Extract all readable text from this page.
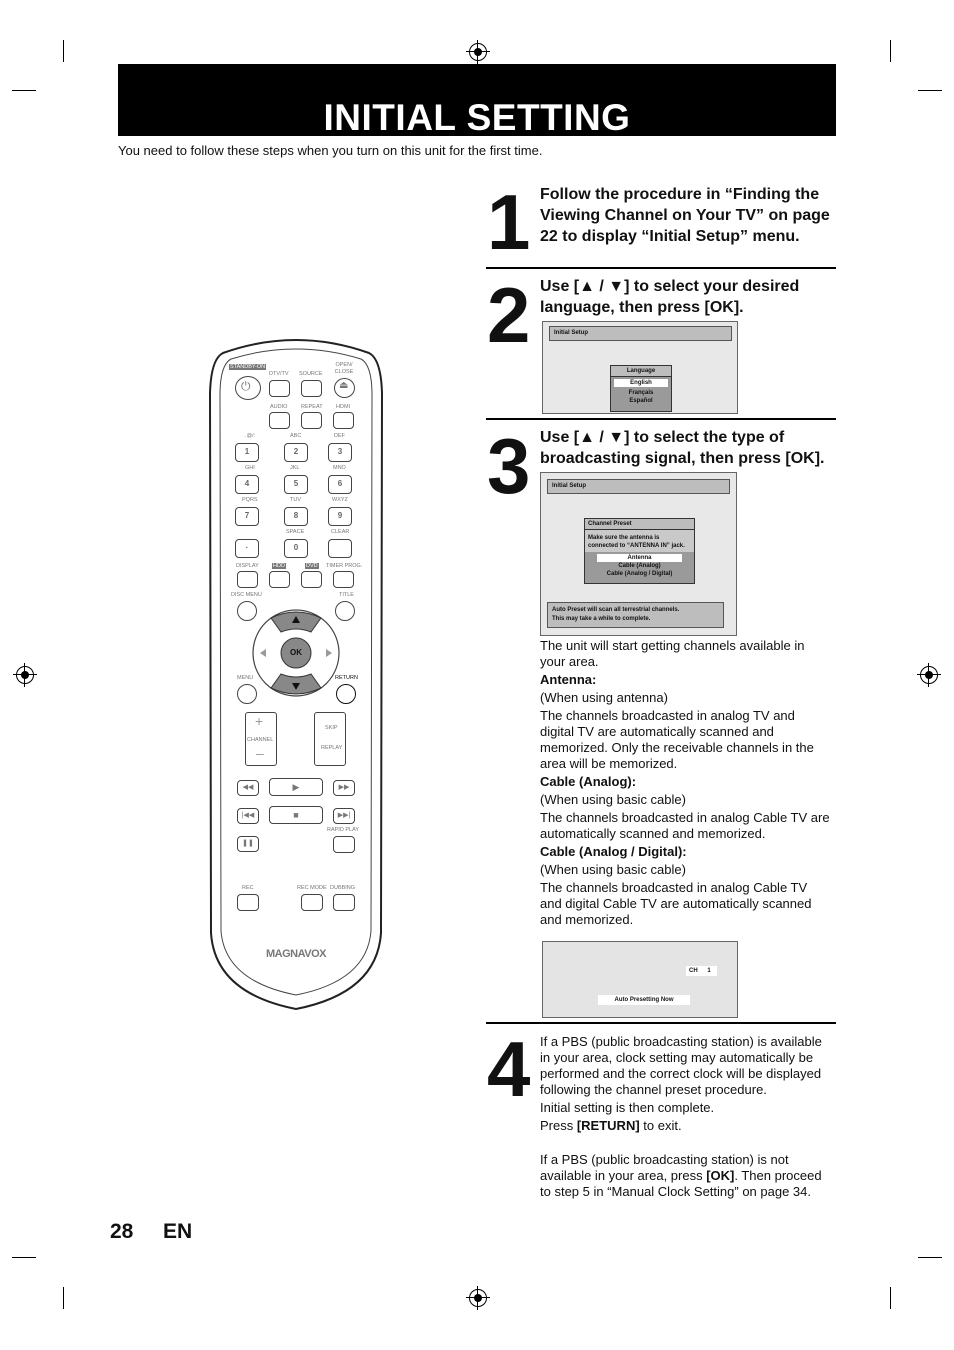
INITIAL SETTING
You need to follow these steps when you turn on this unit for the first time.
1 Follow the procedure in “Finding the Viewing Channel on Your TV” on page 22 to display “Initial Setup” menu.
2 Use [▲ / ▼] to select your desired language, then press [OK].
Initial Setup
Language
English
Français
Español
3 Use [▲ / ▼] to select the type of broadcasting signal, then press [OK].
Initial Setup
Channel Preset
Make sure the antenna is
connected to “ANTENNA IN” jack.
Antenna
Cable (Analog)
Cable (Analog / Digital)
Auto Preset will scan all terrestrial channels.
This may take a while to complete.

The unit will start getting channels available in your area.

Antenna:

(When using antenna)

The channels broadcasted in analog TV and digital TV are automatically scanned and memorized. Only the receivable channels in the area will be memorized.

Cable (Analog):

(When using basic cable)

The channels broadcasted in analog Cable TV are automatically scanned and memorized.

Cable (Analog / Digital):

(When using basic cable)

The channels broadcasted in analog Cable TV and digital Cable TV are automatically scanned and memorized.

CH 1
Auto Presetting Now
4 If a PBS (public broadcasting station) is available in your area, clock setting may automatically be performed and the correct clock will be displayed following the channel preset procedure.

Initial setting is then complete.

Press [RETURN] to exit.

If a PBS (public broadcasting station) is not available in your area, press [OK]. Then proceed to step 5 in “Manual Clock Setting” on page 34.

STANDBY-ON
⏻
DTV/TV SOURCE
OPEN/ CLOSE
⏏
AUDIO REPEAT HDMI
.@/:	ABC	DEF
1	2	3
GHI	JKL	MNO
4	5	6
PQRS	TUV	WXYZ
7	8	9
SPACE	CLEAR
·	0
DISPLAY	HDD	DVD TIMER PROG.
DISC MENU	TITLE
OK
MENU	RETURN
+
CHANNEL
–
SKIP
REPLAY
◀◀	▶	▶▶
|◀◀	■	▶▶|
❚❚
RAPID PLAY
REC	REC MODE DUBBING
MAGNAVOX
28 EN
